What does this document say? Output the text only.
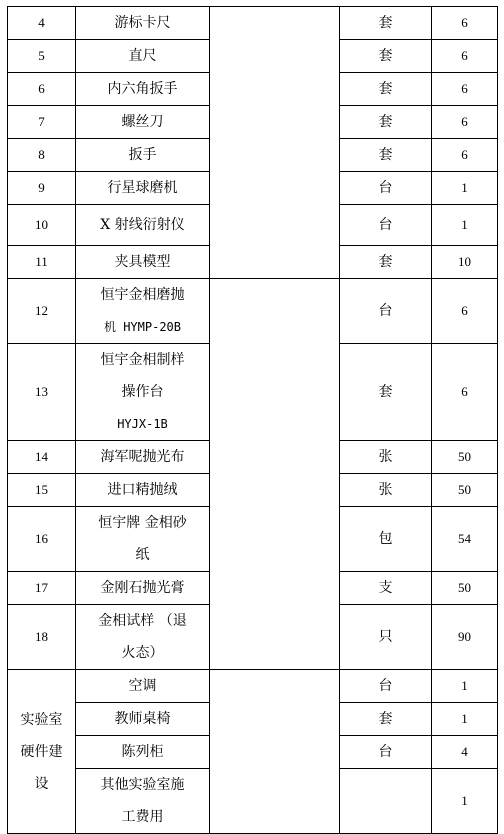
4	游标卡尺		套	6
5	直尺		套	6
6	内六角扳手		套	6
7	螺丝刀		套	6
8	扳手		套	6
9	行星球磨机		台	1
10	X 射线衍射仪		台	1
11	夹具模型		套	10
12	恒宇金相磨抛
机 HYMP-20B		台	6
13	恒宇金相制样
操作台
HYJX-1B		套	6
14	海军呢抛光布		张	50
15	进口精抛绒		张	50
16	恒宇牌 金相砂
纸		包	54
17	金刚石抛光膏		支	50
18	金相试样 （退
火态）		只	90

实验室
硬件建
设	空调		台	1
	教师桌椅		套	1
	陈列柜		台	4

	其他实验室施
工费用			1
